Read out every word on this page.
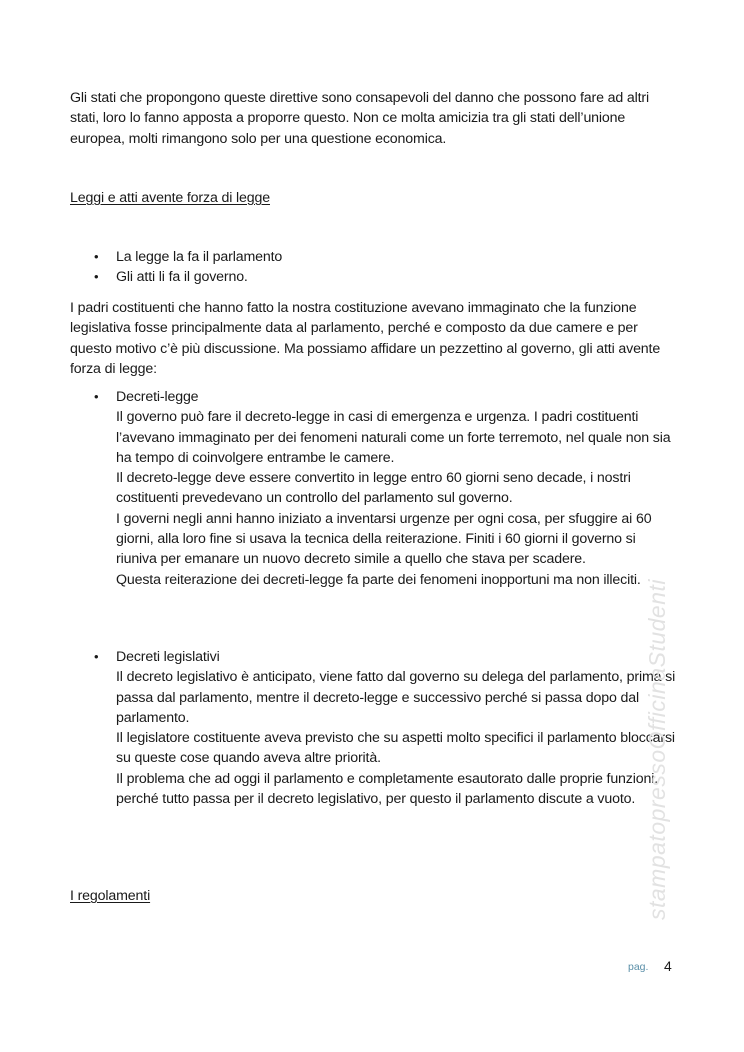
Gli stati che propongono queste direttive sono consapevoli del danno che possono fare ad altri stati, loro lo fanno apposta a proporre questo. Non ce molta amicizia tra gli stati dell’unione europea, molti rimangono solo per una questione economica.

Leggi e atti avente forza di legge
• La legge la fa il parlamento
• Gli atti li fa il governo.

I padri costituenti che hanno fatto la nostra costituzione avevano immaginato che la funzione legislativa fosse principalmente data al parlamento, perché e composto da due camere e per questo motivo c’è più discussione. Ma possiamo affidare un pezzettino al governo, gli atti avente forza di legge:

• Decreti-legge
Il governo può fare il decreto-legge in casi di emergenza e urgenza. I padri costituenti l’avevano immaginato per dei fenomeni naturali come un forte terremoto, nel quale non sia ha tempo di coinvolgere entrambe le camere.
Il decreto-legge deve essere convertito in legge entro 60 giorni seno decade, i nostri costituenti prevedevano un controllo del parlamento sul governo.
I governi negli anni hanno iniziato a inventarsi urgenze per ogni cosa, per sfuggire ai 60 giorni, alla loro fine si usava la tecnica della reiterazione. Finiti i 60 giorni il governo si riuniva per emanare un nuovo decreto simile a quello che stava per scadere.
Questa reiterazione dei decreti-legge fa parte dei fenomeni inopportuni ma non illeciti.
• Decreti legislativi
Il decreto legislativo è anticipato, viene fatto dal governo su delega del parlamento, prima si passa dal parlamento, mentre il decreto-legge e successivo perché si passa dopo dal parlamento.
Il legislatore costituente aveva previsto che su aspetti molto specifici il parlamento bloccarsi su queste cose quando aveva altre priorità.
Il problema che ad oggi il parlamento e completamente esautorato dalle proprie funzioni, perché tutto passa per il decreto legislativo, per questo il parlamento discute a vuoto.
I regolamenti	stampatopressoOfficinaStudenti
pag. 4
